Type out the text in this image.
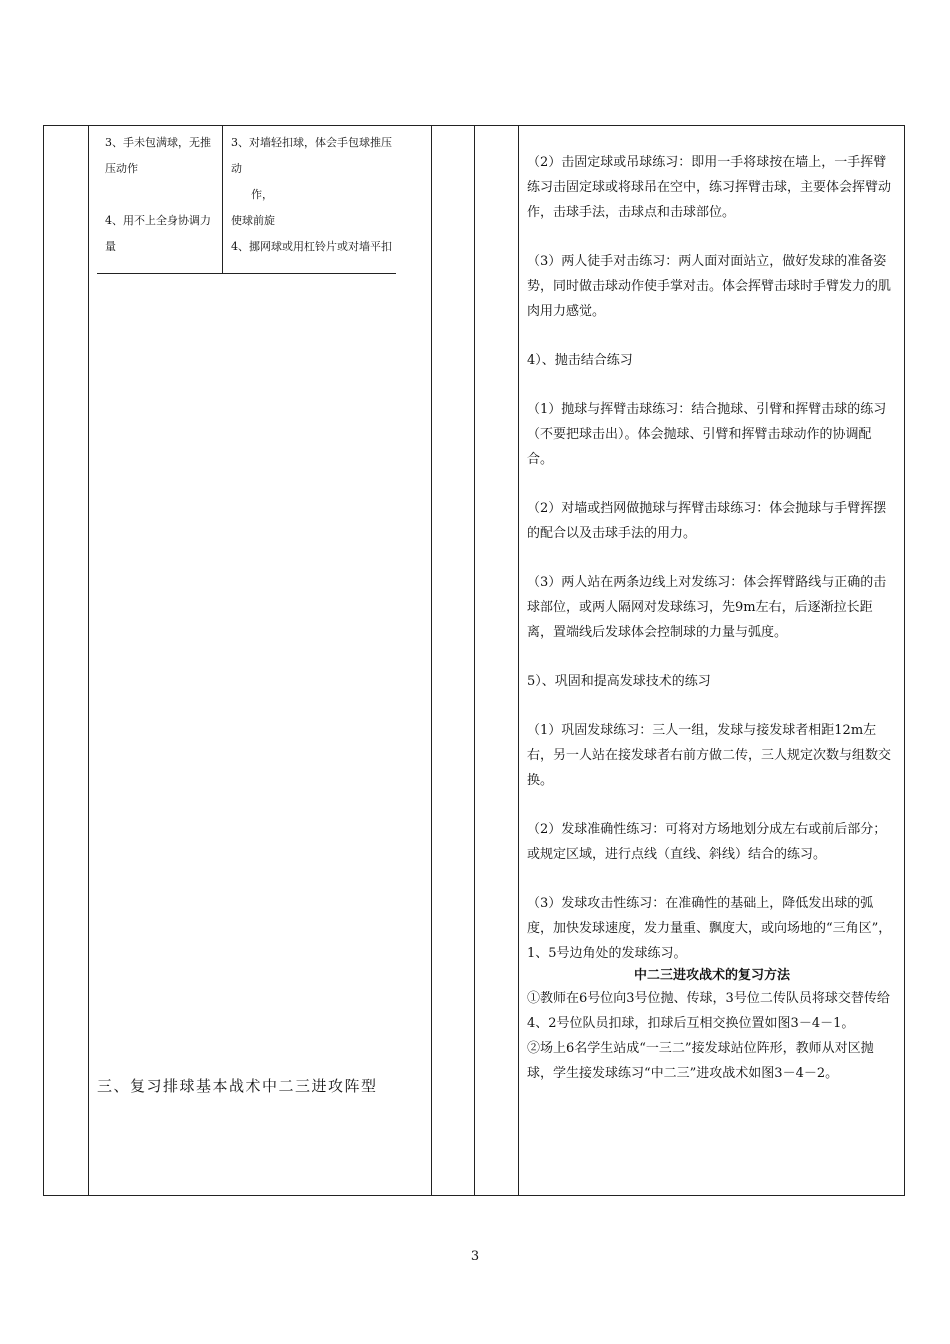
3、手未包满球，无推压动作

4、用不上全身协调力量

3、对墙轻扣球，体会手包球推压动

作，

使球前旋

4、挪网球或用杠铃片或对墙平扣

三、复习排球基本战术中二三进攻阵型

（2）击固定球或吊球练习：即用一手将球按在墙上，一手挥臂练习击固定球或将球吊在空中，练习挥臂击球，主要体会挥臂动作，击球手法，击球点和击球部位。

（3）两人徒手对击练习：两人面对面站立，做好发球的准备姿势，同时做击球动作使手掌对击。体会挥臂击球时手臂发力的肌肉用力感觉。

4）、抛击结合练习

（1）抛球与挥臂击球练习：结合抛球、引臂和挥臂击球的练习（不要把球击出）。体会抛球、引臂和挥臂击球动作的协调配合。

（2）对墙或挡网做抛球与挥臂击球练习：体会抛球与手臂挥摆的配合以及击球手法的用力。

（3）两人站在两条边线上对发练习：体会挥臂路线与正确的击球部位，或两人隔网对发球练习，先9m左右，后逐渐拉长距离，置端线后发球体会控制球的力量与弧度。

5）、巩固和提高发球技术的练习

（1）巩固发球练习：三人一组，发球与接发球者相距12m左右，另一人站在接发球者右前方做二传，三人规定次数与组数交换。

（2）发球准确性练习：可将对方场地划分成左右或前后部分；或规定区域，进行点线（直线、斜线）结合的练习。

（3）发球攻击性练习：在准确性的基础上，降低发出球的弧度，加快发球速度，发力量重、飘度大，或向场地的“三角区”，1、5号边角处的发球练习。

中二三进攻战术的复习方法

①教师在6号位向3号位抛、传球，3号位二传队员将球交替传给4、2号位队员扣球，扣球后互相交换位置如图3－4－1。

②场上6名学生站成“一三二”接发球站位阵形，教师从对区抛球，学生接发球练习“中二三”进攻战术如图3－4－2。

3
